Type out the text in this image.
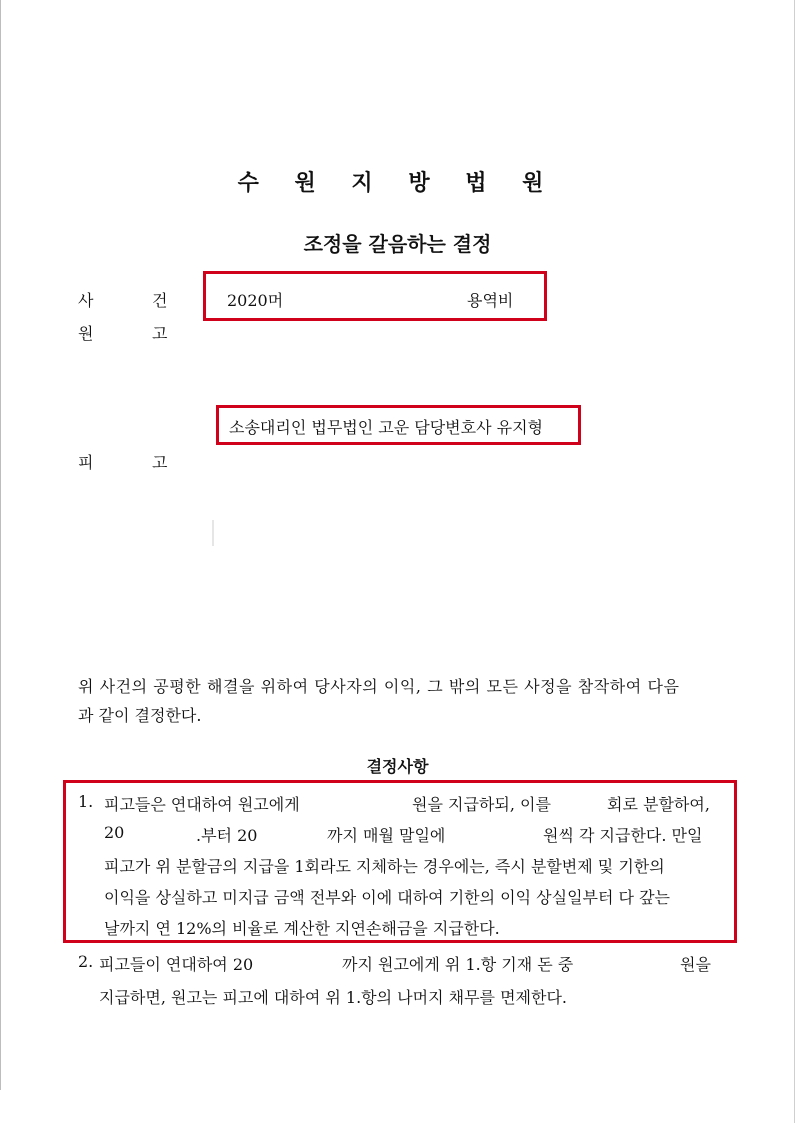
수 원 지 방 법 원
조정을 갈음하는 결정
사	건	2020머	용역비
원	고
소송대리인 법무법인 고운 담당변호사 유지형
피	고
위 사건의 공평한 해결을 위하여 당사자의 이익, 그 밖의 모든 사정을 참작하여 다음
과 같이 결정한다.
결정사항
1. 피고들은 연대하여 원고에게	원을 지급하되, 이를	회로 분할하여,
20	.부터 20	까지 매월 말일에	원씩 각 지급한다. 만일
피고가 위 분할금의 지급을 1회라도 지체하는 경우에는, 즉시 분할변제 및 기한의
이익을 상실하고 미지급 금액 전부와 이에 대하여 기한의 이익 상실일부터 다 갚는
날까지 연 12%의 비율로 계산한 지연손해금을 지급한다.
2. 피고들이 연대하여 20	까지 원고에게 위 1.항 기재 돈 중	원을
지급하면, 원고는 피고에 대하여 위 1.항의 나머지 채무를 면제한다.
